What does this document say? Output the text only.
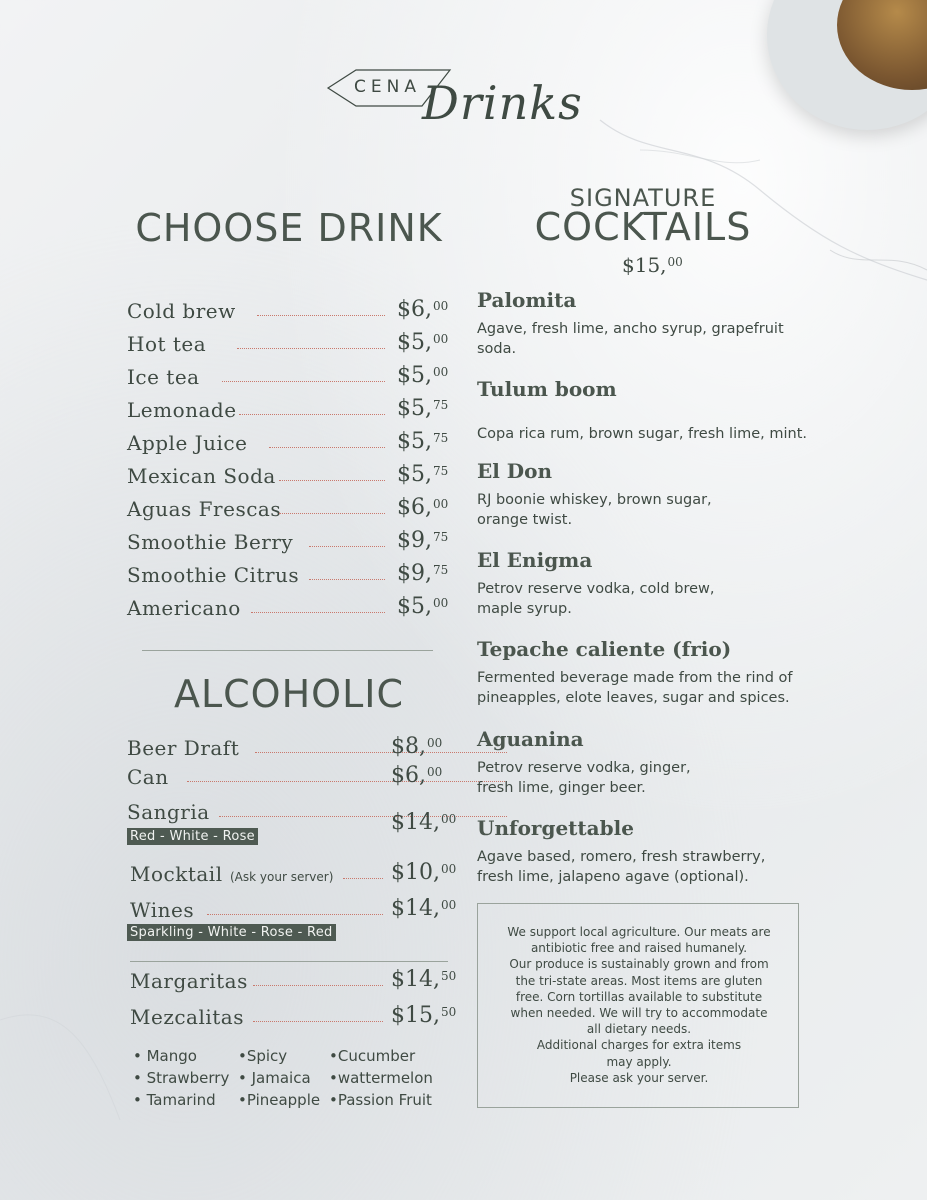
CENA Drinks
CHOOSE DRINK
Cold brew	$6,00
Hot tea	$5,00
Ice tea	$5,00
Lemonade	$5,75
Apple Juice	$5,75
Mexican Soda	$5,75
Aguas Frescas	$6,00
Smoothie Berry	$9,75
Smoothie Citrus	$9,75
Americano	$5,00
ALCOHOLIC
Beer Draft	$8,00
Can	$6,00
Sangria	$14,00
Red - White - Rose
Mocktail (Ask your server)	$10,00
Wines	$14,00
Sparkling - White - Rose - Red
Margaritas	$14,50
Mezcalitas	$15,50
• Mango
• Strawberry
• Tamarind
•Spicy
• Jamaica
•Pineapple
•Cucumber
•wattermelon
•Passion Fruit
SIGNATURE
COCKTAILS
$15,00
Palomita
Agave, fresh lime, ancho syrup, grapefruit soda.
Tulum boom
Copa rica rum, brown sugar, fresh lime, mint.
El Don
RJ boonie whiskey, brown sugar, orange twist.
El Enigma
Petrov reserve vodka, cold brew, maple syrup.
Tepache caliente (frio)
Fermented beverage made from the rind of pineapples, elote leaves, sugar and spices.
Aguanina
Petrov reserve vodka, ginger, fresh lime, ginger beer.
Unforgettable
Agave based, romero, fresh strawberry, fresh lime, jalapeno agave (optional).
We support local agriculture. Our meats are
antibiotic free and raised humanely.
Our produce is sustainably grown and from
the tri-state areas. Most items are gluten
free. Corn tortillas available to substitute
when needed. We will try to accommodate
all dietary needs.
Additional charges for extra items
may apply.
Please ask your server.
